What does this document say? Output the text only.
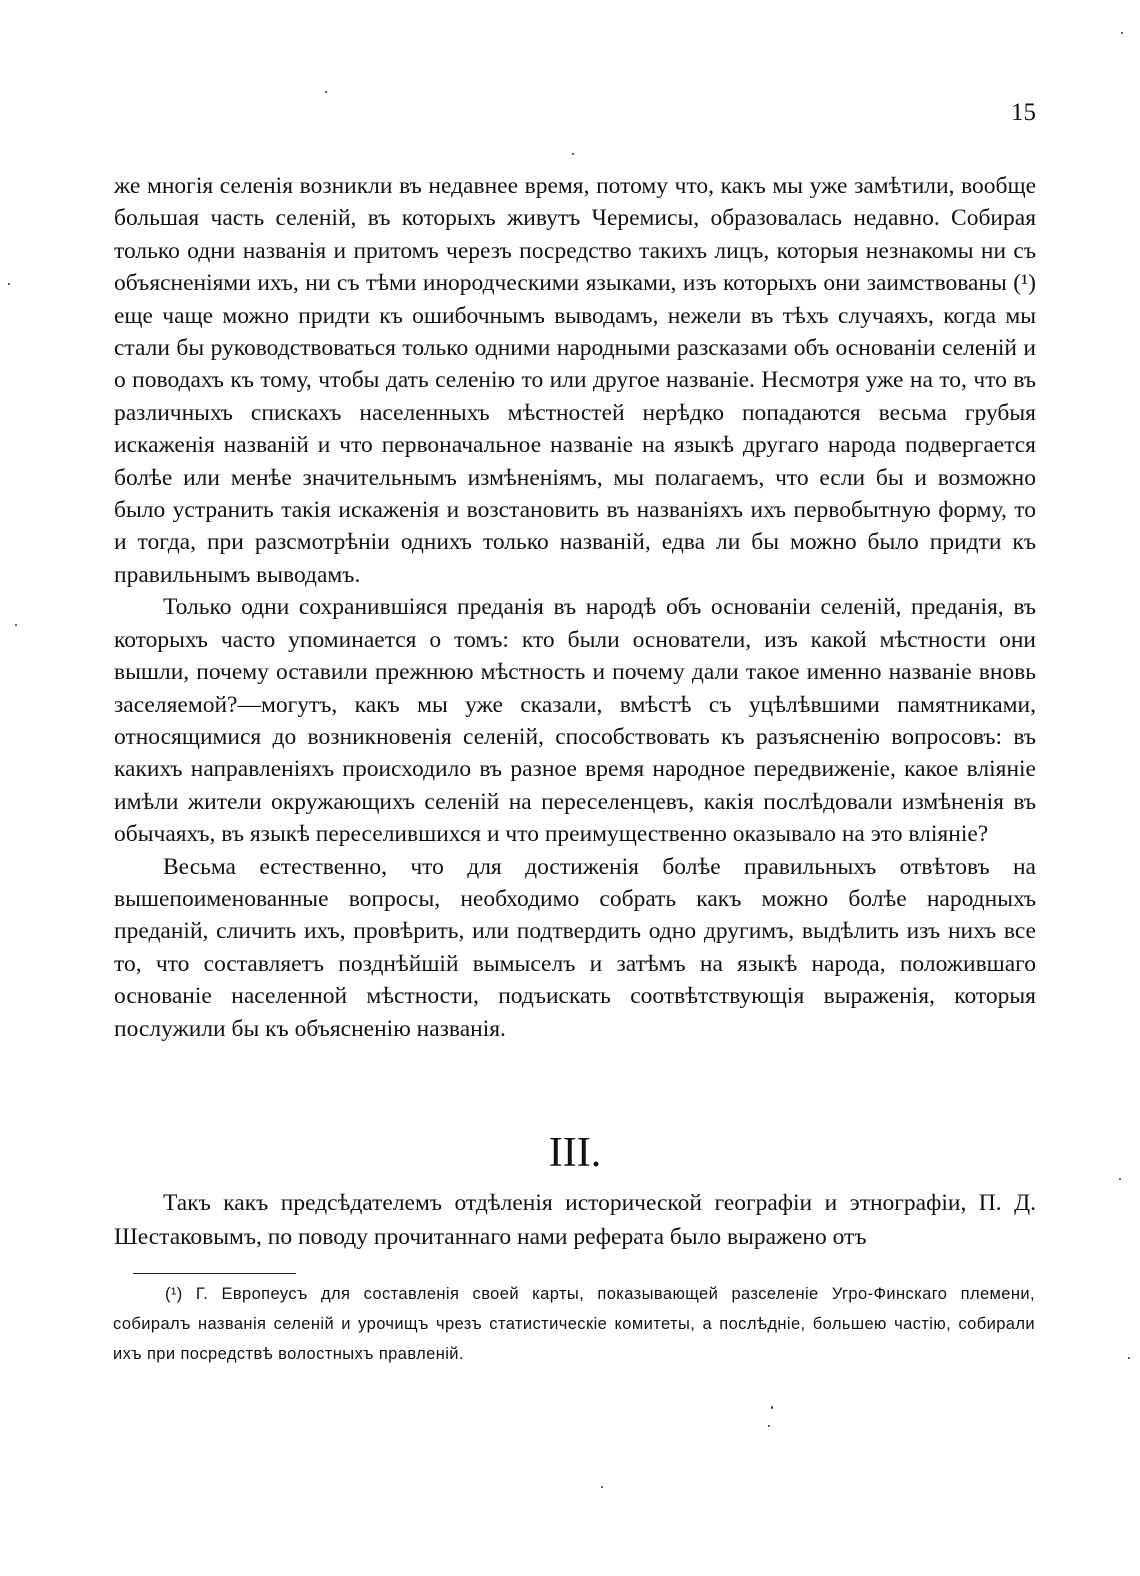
15

же многія селенія возникли въ недавнее время, потому что, какъ мы уже замѣтили, вообще большая часть селеній, въ которыхъ живутъ Черемисы, образовалась недавно. Собирая только одни названія и притомъ черезъ посредство такихъ лицъ, которыя незнакомы ни съ объясненіями ихъ, ни съ тѣми инородческими языками, изъ которыхъ они заимствованы (¹) еще чаще можно придти къ ошибочнымъ выводамъ, нежели въ тѣхъ случаяхъ, когда мы стали бы руководствоваться только одними народными разсказами объ основаніи селеній и о поводахъ къ тому, чтобы дать селенію то или другое названіе. Несмотря уже на то, что въ различныхъ спискахъ населенныхъ мѣстностей нерѣдко попадаются весьма грубыя искаженія названій и что первоначальное названіе на языкѣ другаго народа подвергается болѣе или менѣе значительнымъ измѣненіямъ, мы полагаемъ, что если бы и возможно было устранить такія искаженія и возстановить въ названіяхъ ихъ первобытную форму, то и тогда, при разсмотрѣніи однихъ только названій, едва ли бы можно было придти къ правильнымъ выводамъ.

Только одни сохранившіяся преданія въ народѣ объ основаніи селеній, преданія, въ которыхъ часто упоминается о томъ: кто были основатели, изъ какой мѣстности они вышли, почему оставили прежнюю мѣстность и почему дали такое именно названіе вновь заселяемой?—могутъ, какъ мы уже сказали, вмѣстѣ съ уцѣлѣвшими памятниками, относящимися до возникновенія селеній, способствовать къ разъясненію вопросовъ: въ какихъ направленіяхъ происходило въ разное время народное передвиженіе, какое вліяніе имѣли жители окружающихъ селеній на переселенцевъ, какія послѣдовали измѣненія въ обычаяхъ, въ языкѣ переселившихся и что преимущественно оказывало на это вліяніе?

Весьма естественно, что для достиженія болѣе правильныхъ отвѣтовъ на вышепоименованные вопросы, необходимо собрать какъ можно болѣе народныхъ преданій, сличить ихъ, провѣрить, или подтвердить одно другимъ, выдѣлить изъ нихъ все то, что составляетъ позднѣйшій вымыселъ и затѣмъ на языкѣ народа, положившаго основаніе населенной мѣстности, подъискать соотвѣтствующія выраженія, которыя послужили бы къ объясненію названія.

III.

Такъ какъ предсѣдателемъ отдѣленія исторической географіи и этнографіи, П. Д. Шестаковымъ, по поводу прочитаннаго нами реферата было выражено отъ

(¹) Г. Европеусъ для составленія своей карты, показывающей разселеніе Угро-Финскаго племени, собиралъ названія селеній и урочищъ чрезъ статистическіе комитеты, а послѣдніе, большею частію, собирали ихъ при посредствѣ волостныхъ правленій.
